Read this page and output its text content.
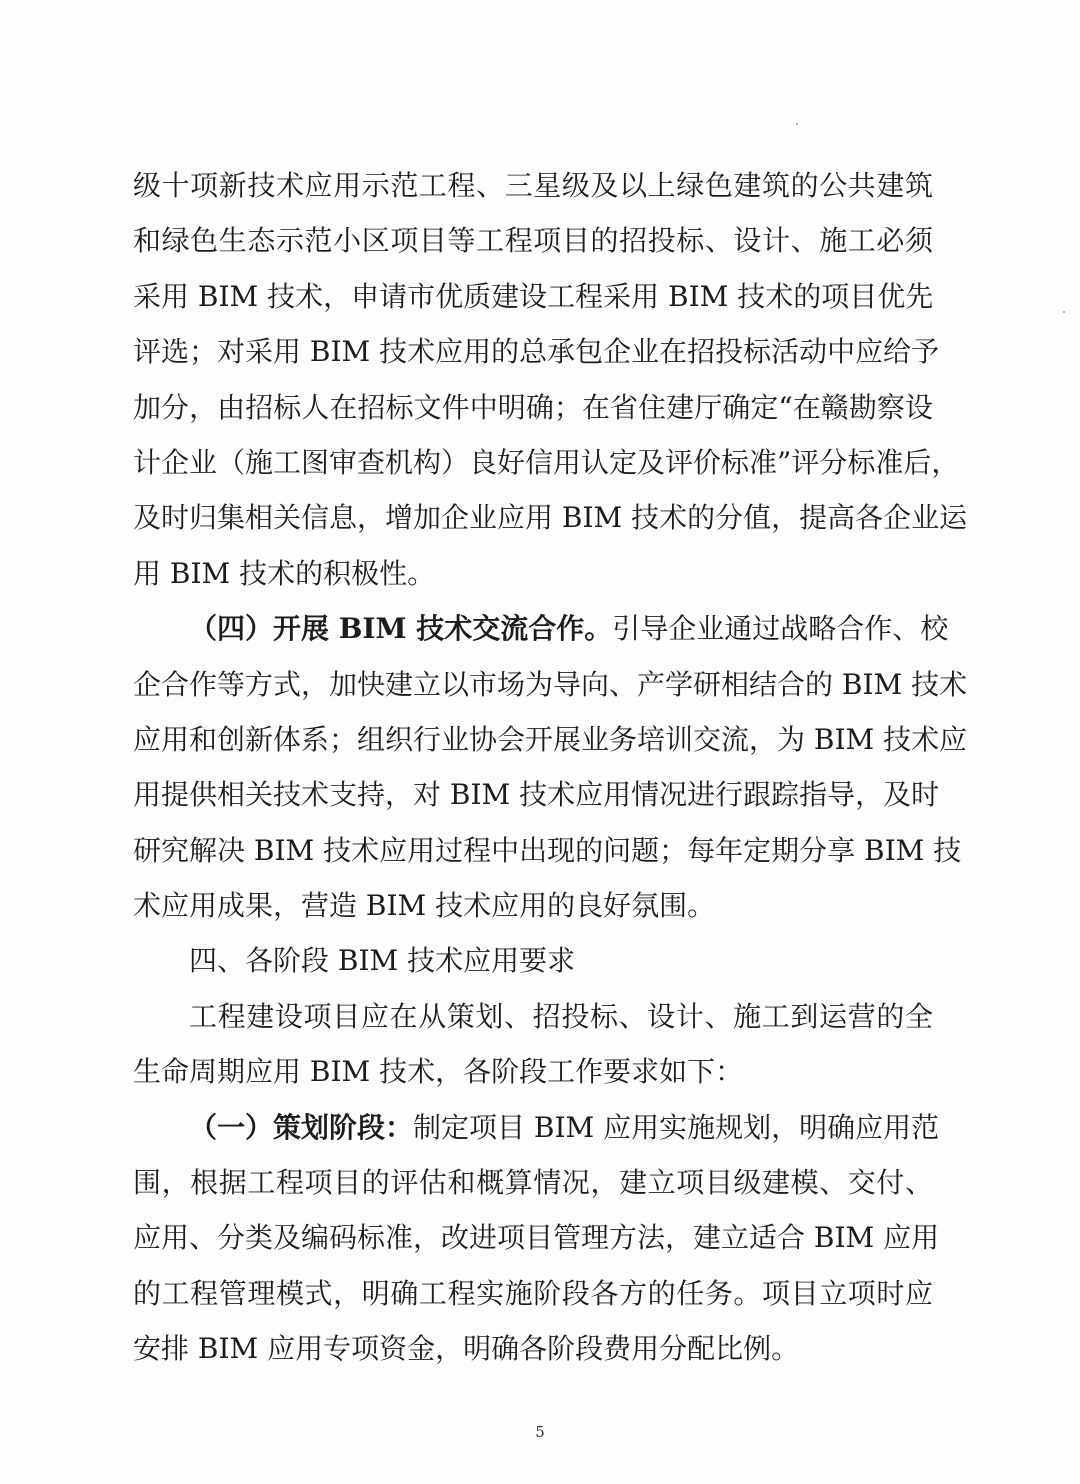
级十项新技术应用示范工程、三星级及以上绿色建筑的公共建筑
和绿色生态示范小区项目等工程项目的招投标、设计、施工必须
采用 BIM 技术，申请市优质建设工程采用 BIM 技术的项目优先
评选；对采用 BIM 技术应用的总承包企业在招投标活动中应给予
加分，由招标人在招标文件中明确；在省住建厅确定“在赣勘察设
计企业（施工图审查机构）良好信用认定及评价标准”评分标准后，
及时归集相关信息，增加企业应用 BIM 技术的分值，提高各企业运
用 BIM 技术的积极性。
（四）开展 BIM 技术交流合作。引导企业通过战略合作、校
企合作等方式，加快建立以市场为导向、产学研相结合的 BIM 技术
应用和创新体系；组织行业协会开展业务培训交流，为 BIM 技术应
用提供相关技术支持，对 BIM 技术应用情况进行跟踪指导，及时
研究解决 BIM 技术应用过程中出现的问题；每年定期分享 BIM 技
术应用成果，营造 BIM 技术应用的良好氛围。
四、各阶段 BIM 技术应用要求
工程建设项目应在从策划、招投标、设计、施工到运营的全
生命周期应用 BIM 技术，各阶段工作要求如下：
（一）策划阶段：制定项目 BIM 应用实施规划，明确应用范
围，根据工程项目的评估和概算情况，建立项目级建模、交付、
应用、分类及编码标准，改进项目管理方法，建立适合 BIM 应用
的工程管理模式，明确工程实施阶段各方的任务。项目立项时应
安排 BIM 应用专项资金，明确各阶段费用分配比例。
5
